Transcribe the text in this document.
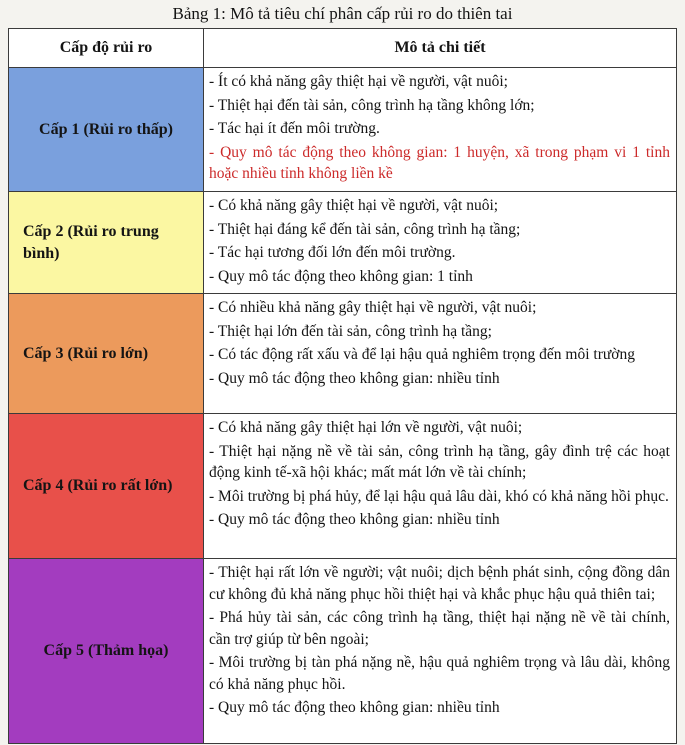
Bảng 1: Mô tả tiêu chí phân cấp rủi ro do thiên tai
Cấp độ rủi ro	Mô tả chi tiết
Cấp 1 (Rủi ro thấp)	- Ít có khả năng gây thiệt hại về người, vật nuôi;
- Thiệt hại đến tài sản, công trình hạ tầng không lớn;
- Tác hại ít đến môi trường.
- Quy mô tác động theo không gian: 1 huyện, xã trong phạm vi 1 tỉnh hoặc nhiều tỉnh không liền kề

Cấp 2 (Rủi ro trung bình)	- Có khả năng gây thiệt hại về người, vật nuôi;
- Thiệt hại đáng kể đến tài sản, công trình hạ tầng;
- Tác hại tương đối lớn đến môi trường.
- Quy mô tác động theo không gian: 1 tỉnh

Cấp 3 (Rủi ro lớn)	- Có nhiều khả năng gây thiệt hại về người, vật nuôi;
- Thiệt hại lớn đến tài sản, công trình hạ tầng;
- Có tác động rất xấu và để lại hậu quả nghiêm trọng đến môi trường
- Quy mô tác động theo không gian: nhiều tỉnh

Cấp 4 (Rủi ro rất lớn)	- Có khả năng gây thiệt hại lớn về người, vật nuôi;
- Thiệt hại nặng nề về tài sản, công trình hạ tầng, gây đình trệ các hoạt động kinh tế-xã hội khác; mất mát lớn về tài chính;
- Môi trường bị phá hủy, để lại hậu quả lâu dài, khó có khả năng hồi phục.
- Quy mô tác động theo không gian: nhiều tỉnh

Cấp 5 (Thảm họa)	- Thiệt hại rất lớn về người; vật nuôi; dịch bệnh phát sinh, cộng đồng dân cư không đủ khả năng phục hồi thiệt hại và khắc phục hậu quả thiên tai;
- Phá hủy tài sản, các công trình hạ tầng, thiệt hại nặng nề về tài chính, cần trợ giúp từ bên ngoài;
- Môi trường bị tàn phá nặng nề, hậu quả nghiêm trọng và lâu dài, không có khả năng phục hồi.
- Quy mô tác động theo không gian: nhiều tỉnh
